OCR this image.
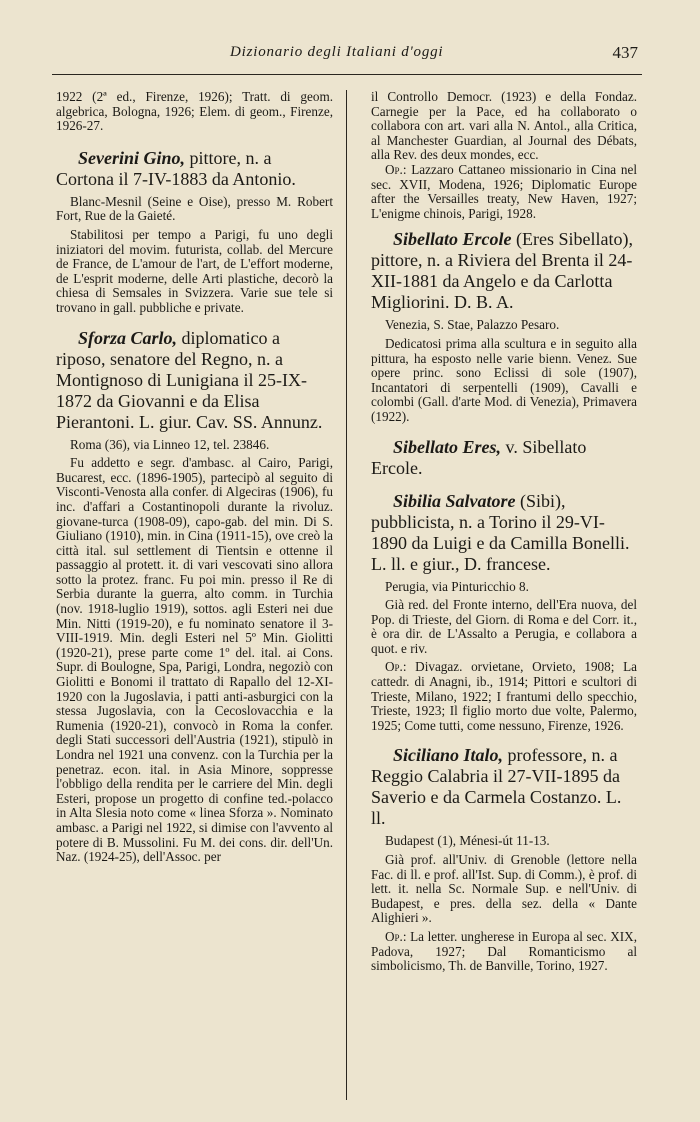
Dizionario degli Italiani d'oggi	437
1922 (2ª ed., Firenze, 1926); Tratt. di geom. algebrica, Bologna, 1926; Elem. di geom., Firenze, 1926-27.
Severini Gino, pittore, n. a Cortona il 7-IV-1883 da Antonio.
Blanc-Mesnil (Seine e Oise), presso M. Robert Fort, Rue de la Gaieté.
Stabilitosi per tempo a Parigi, fu uno degli iniziatori del movim. futurista, collab. del Mercure de France, de L'amour de l'art, de L'effort moderne, de L'esprit moderne, delle Arti plastiche, decorò la chiesa di Semsales in Svizzera. Varie sue tele si trovano in gall. pubbliche e private.
Sforza Carlo, diplomatico a riposo, senatore del Regno, n. a Montignoso di Lunigiana il 25-IX-1872 da Giovanni e da Elisa Pierantoni. L. giur. Cav. SS. Annunz.
Roma (36), via Linneo 12, tel. 23846.
Fu addetto e segr. d'ambasc. al Cairo, Parigi, Bucarest, ecc. (1896-1905), partecipò al seguito di Visconti-Venosta alla confer. di Algeciras (1906), fu inc. d'affari a Costantinopoli durante la rivoluz. giovane-turca (1908-09), capo-gab. del min. Di S. Giuliano (1910), min. in Cina (1911-15), ove creò la città ital. sul settlement di Tientsin e ottenne il passaggio al protett. it. di vari vescovati sino allora sotto la protez. franc. Fu poi min. presso il Re di Serbia durante la guerra, alto comm. in Turchia (nov. 1918-luglio 1919), sottos. agli Esteri nei due Min. Nitti (1919-20), e fu nominato senatore il 3-VIII-1919. Min. degli Esteri nel 5º Min. Giolitti (1920-21), prese parte come 1º del. ital. ai Cons. Supr. di Boulogne, Spa, Parigi, Londra, negoziò con Giolitti e Bonomi il trattato di Rapallo del 12-XI-1920 con la Jugoslavia, i patti anti-asburgici con la stessa Jugoslavia, con la Cecoslovacchia e la Rumenia (1920-21), convocò in Roma la confer. degli Stati successori dell'Austria (1921), stipulò in Londra nel 1921 una convenz. con la Turchia per la penetraz. econ. ital. in Asia Minore, soppresse l'obbligo della rendita per le carriere del Min. degli Esteri, propose un progetto di confine ted.-polacco in Alta Slesia noto come « linea Sforza ». Nominato ambasc. a Parigi nel 1922, si dimise con l'avvento al potere di B. Mussolini. Fu M. dei cons. dir. dell'Un. Naz. (1924-25), dell'Assoc. per
il Controllo Democr. (1923) e della Fondaz. Carnegie per la Pace, ed ha collaborato o collabora con art. vari alla N. Antol., alla Critica, al Manchester Guardian, al Journal des Débats, alla Rev. des deux mondes, ecc.
Op.: Lazzaro Cattaneo missionario in Cina nel sec. XVII, Modena, 1926; Diplomatic Europe after the Versailles treaty, New Haven, 1927; L'enigme chinois, Parigi, 1928.
Sibellato Ercole (Eres Sibellato), pittore, n. a Riviera del Brenta il 24-XII-1881 da Angelo e da Carlotta Migliorini. D. B. A.
Venezia, S. Stae, Palazzo Pesaro.
Dedicatosi prima alla scultura e in seguito alla pittura, ha esposto nelle varie bienn. Venez. Sue opere princ. sono Eclissi di sole (1907), Incantatori di serpentelli (1909), Cavalli e colombi (Gall. d'arte Mod. di Venezia), Primavera (1922).
Sibellato Eres, v. Sibellato Ercole.
Sibilia Salvatore (Sibi), pubblicista, n. a Torino il 29-VI-1890 da Luigi e da Camilla Bonelli. L. ll. e giur., D. francese.
Perugia, via Pinturicchio 8.
Già red. del Fronte interno, dell'Era nuova, del Pop. di Trieste, del Giorn. di Roma e del Corr. it., è ora dir. de L'Assalto a Perugia, e collabora a quot. e riv.
Op.: Divagaz. orvietane, Orvieto, 1908; La cattedr. di Anagni, ib., 1914; Pittori e scultori di Trieste, Milano, 1922; I frantumi dello specchio, Trieste, 1923; Il figlio morto due volte, Palermo, 1925; Come tutti, come nessuno, Firenze, 1926.
Siciliano Italo, professore, n. a Reggio Calabria il 27-VII-1895 da Saverio e da Carmela Costanzo. L. ll.
Budapest (1), Ménesi-út 11-13.
Già prof. all'Univ. di Grenoble (lettore nella Fac. di ll. e prof. all'Ist. Sup. di Comm.), è prof. di lett. it. nella Sc. Normale Sup. e nell'Univ. di Budapest, e pres. della sez. della « Dante Alighieri ».
Op.: La letter. ungherese in Europa al sec. XIX, Padova, 1927; Dal Romanticismo al simbolicismo, Th. de Banville, Torino, 1927.
